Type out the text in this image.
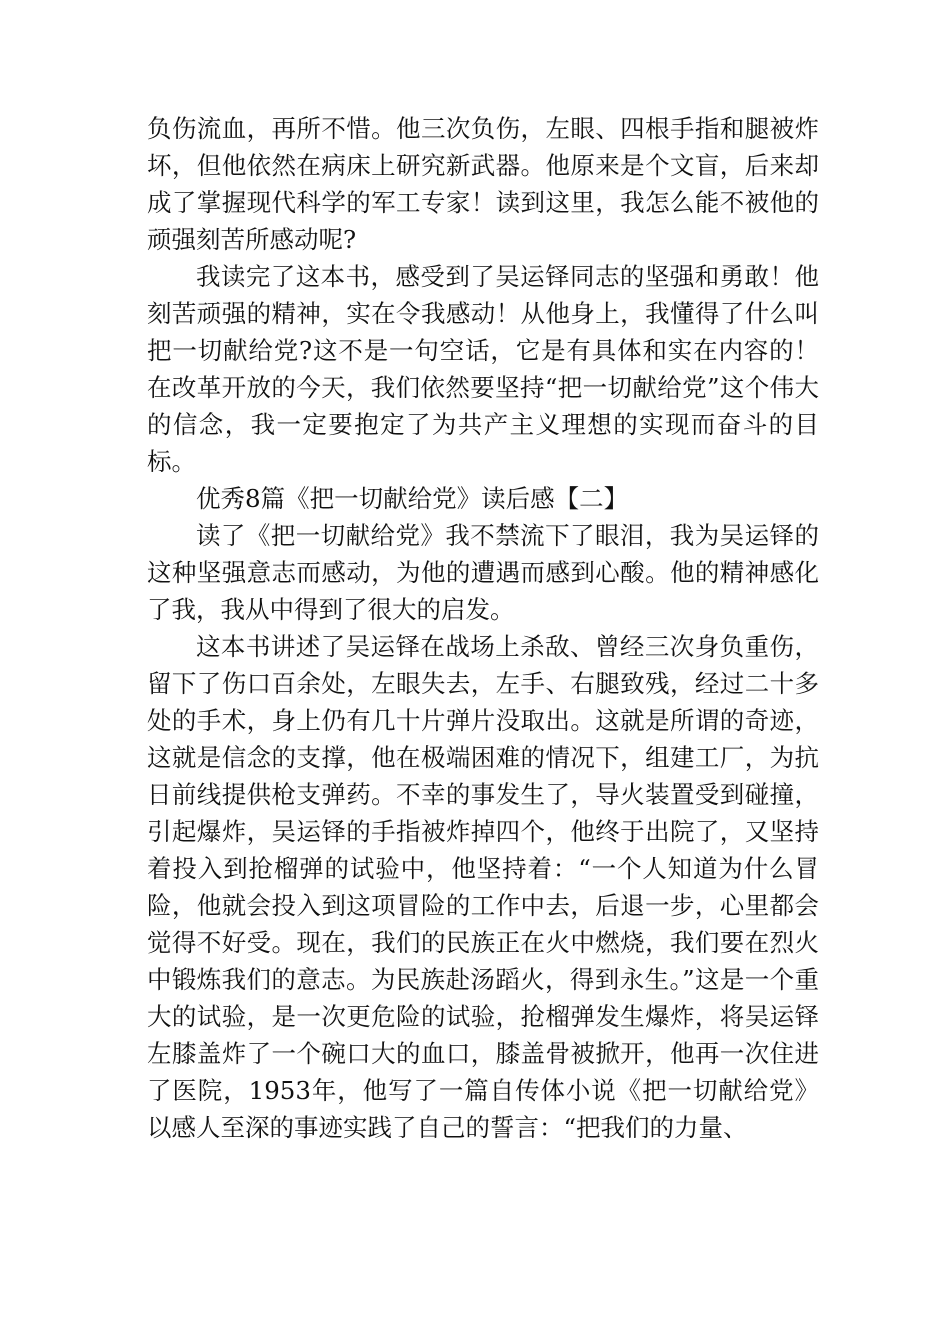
负伤流血，再所不惜。他三次负伤，左眼、四根手指和腿被炸坏，但他依然在病床上研究新武器。他原来是个文盲，后来却成了掌握现代科学的军工专家！读到这里，我怎么能不被他的顽强刻苦所感动呢?

我读完了这本书，感受到了吴运铎同志的坚强和勇敢！他刻苦顽强的精神，实在令我感动！从他身上，我懂得了什么叫把一切献给党?这不是一句空话，它是有具体和实在内容的！在改革开放的今天，我们依然要坚持“把一切献给党”这个伟大的信念，我一定要抱定了为共产主义理想的实现而奋斗的目标。

优秀8篇《把一切献给党》读后感【二】

读了《把一切献给党》我不禁流下了眼泪，我为吴运铎的这种坚强意志而感动，为他的遭遇而感到心酸。他的精神感化了我，我从中得到了很大的启发。

这本书讲述了吴运铎在战场上杀敌、曾经三次身负重伤，留下了伤口百余处，左眼失去，左手、右腿致残，经过二十多处的手术，身上仍有几十片弹片没取出。这就是所谓的奇迹，这就是信念的支撑，他在极端困难的情况下，组建工厂，为抗日前线提供枪支弹药。不幸的事发生了，导火装置受到碰撞，引起爆炸，吴运铎的手指被炸掉四个，他终于出院了，又坚持着投入到抢榴弹的试验中，他坚持着：“一个人知道为什么冒险，他就会投入到这项冒险的工作中去，后退一步，心里都会觉得不好受。现在，我们的民族正在火中燃烧，我们要在烈火中锻炼我们的意志。为民族赴汤蹈火，得到永生。”这是一个重大的试验，是一次更危险的试验，抢榴弹发生爆炸，将吴运铎左膝盖炸了一个碗口大的血口，膝盖骨被掀开，他再一次住进了医院，1953年，他写了一篇自传体小说《把一切献给党》以感人至深的事迹实践了自己的誓言：“把我们的力量、
